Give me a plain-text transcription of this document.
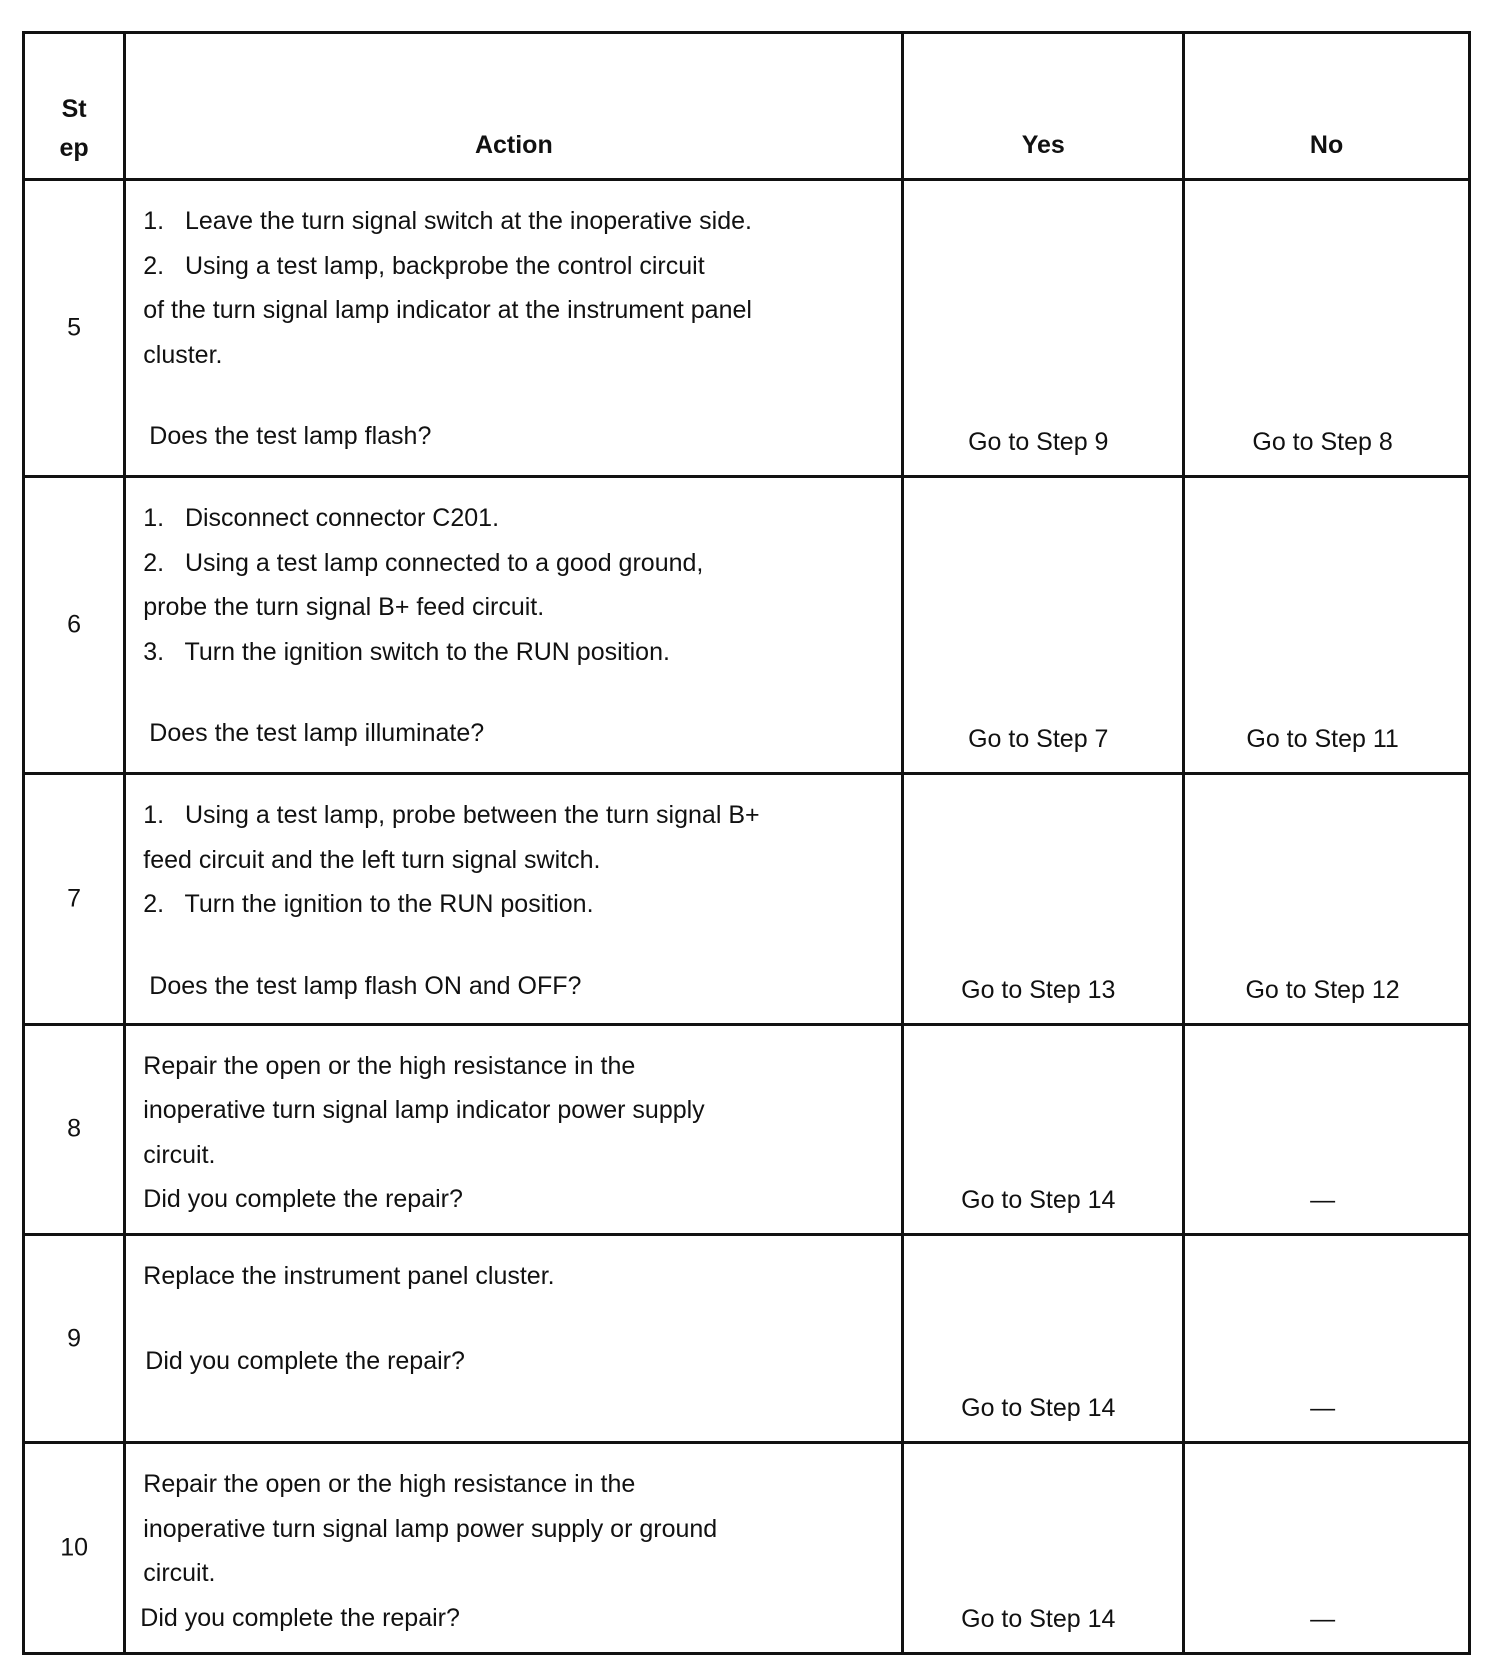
St
ep	Action	Yes	No

5	1.   Leave the turn signal switch at the inoperative side.
2.   Using a test lamp, backprobe the control circuit
of the turn signal lamp indicator at the instrument panel
cluster.
Does the test lamp flash?	Go to Step 9	Go to Step 8

6	1.   Disconnect connector C201.
2.   Using a test lamp connected to a good ground,
probe the turn signal B+ feed circuit.
3.   Turn the ignition switch to the RUN position.
Does the test lamp illuminate?	Go to Step 7	Go to Step 11

7	1.   Using a test lamp, probe between the turn signal B+
feed circuit and the left turn signal switch.
2.   Turn the ignition to the RUN position.
Does the test lamp flash ON and OFF?	Go to Step 13	Go to Step 12

8	Repair the open or the high resistance in the
inoperative turn signal lamp indicator power supply
circuit.
Did you complete the repair?	Go to Step 14	—

9	Replace the instrument panel cluster.
Did you complete the repair?	Go to Step 14	—

10	Repair the open or the high resistance in the
inoperative turn signal lamp power supply or ground
circuit.
Did you complete the repair?	Go to Step 14	—
